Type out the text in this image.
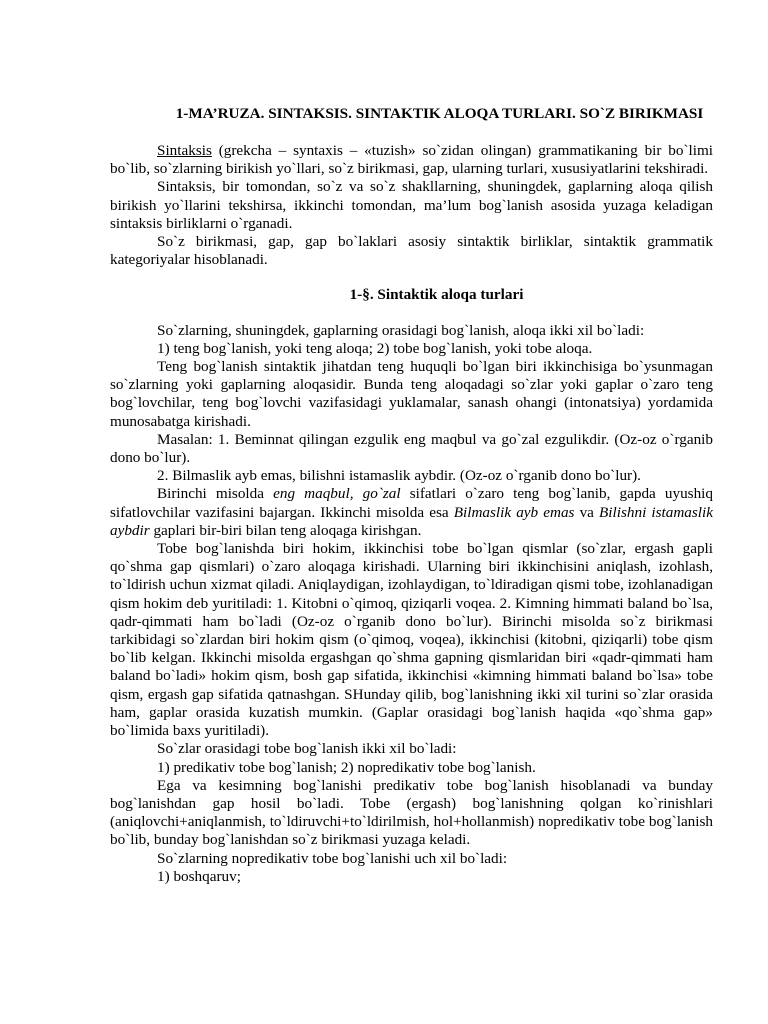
1-MA’RUZA. SINTAKSIS. SINTAKTIK ALOQA TURLARI. SO`Z BIRIKMASI

Sintaksis (grekcha – syntaxis – «tuzish» so`zidan olingan) grammatikaning bir bo`limi bo`lib, so`zlarning birikish yo`llari, so`z birikmasi, gap, ularning turlari, xususiyatlarini tekshiradi.

Sintaksis, bir tomondan, so`z va so`z shakllarning, shuningdek, gaplarning aloqa qilish birikish yo`llarini tekshirsa, ikkinchi tomondan, ma’lum bog`lanish asosida yuzaga keladigan sintaksis birliklarni o`rganadi.

So`z birikmasi, gap, gap bo`laklari asosiy sintaktik birliklar, sintaktik grammatik kategoriyalar hisoblanadi.

1-§. Sintaktik aloqa turlari

So`zlarning, shuningdek, gaplarning orasidagi bog`lanish, aloqa ikki xil bo`ladi:

1) teng bog`lanish, yoki teng aloqa; 2) tobe bog`lanish, yoki tobe aloqa.

Teng bog`lanish sintaktik jihatdan teng huquqli bo`lgan biri ikkinchisiga bo`ysunmagan so`zlarning yoki gaplarning aloqasidir. Bunda teng aloqadagi so`zlar yoki gaplar o`zaro teng bog`lovchilar, teng bog`lovchi vazifasidagi yuklamalar, sanash ohangi (intonatsiya) yordamida munosabatga kirishadi.

Masalan: 1. Beminnat qilingan ezgulik eng maqbul va go`zal ezgulikdir. (Oz-oz o`rganib dono bo`lur).

2. Bilmaslik ayb emas, bilishni istamaslik aybdir. (Oz-oz o`rganib dono bo`lur).

Birinchi misolda eng maqbul, go`zal sifatlari o`zaro teng bog`lanib, gapda uyushiq sifatlovchilar vazifasini bajargan. Ikkinchi misolda esa Bilmaslik ayb emas va Bilishni istamaslik aybdir gaplari bir-biri bilan teng aloqaga kirishgan.

Tobe bog`lanishda biri hokim, ikkinchisi tobe bo`lgan qismlar (so`zlar, ergash gapli qo`shma gap qismlari) o`zaro aloqaga kirishadi. Ularning biri ikkinchisini aniqlash, izohlash, to`ldirish uchun xizmat qiladi. Aniqlaydigan, izohlaydigan, to`ldiradigan qismi tobe, izohlanadigan qism hokim deb yuritiladi: 1. Kitobni o`qimoq, qiziqarli voqea. 2. Kimning himmati baland bo`lsa, qadr-qimmati ham bo`ladi (Oz-oz o`rganib dono bo`lur). Birinchi misolda so`z birikmasi tarkibidagi so`zlardan biri hokim qism (o`qimoq, voqea), ikkinchisi (kitobni, qiziqarli) tobe qism bo`lib kelgan. Ikkinchi misolda ergashgan qo`shma gapning qismlaridan biri «qadr-qimmati ham baland bo`ladi» hokim qism, bosh gap sifatida, ikkinchisi «kimning himmati baland bo`lsa» tobe qism, ergash gap sifatida qatnashgan. SHunday qilib, bog`lanishning ikki xil turini so`zlar orasida ham, gaplar orasida kuzatish mumkin. (Gaplar orasidagi bog`lanish haqida «qo`shma gap» bo`limida baxs yuritiladi).

So`zlar orasidagi tobe bog`lanish ikki xil bo`ladi:

1) predikativ tobe bog`lanish; 2) nopredikativ tobe bog`lanish.

Ega va kesimning bog`lanishi predikativ tobe bog`lanish hisoblanadi va bunday bog`lanishdan gap hosil bo`ladi. Tobe (ergash) bog`lanishning qolgan ko`rinishlari (aniqlovchi+aniqlanmish, to`ldiruvchi+to`ldirilmish, hol+hollanmish) nopredikativ tobe bog`lanish bo`lib, bunday bog`lanishdan so`z birikmasi yuzaga keladi.

So`zlarning nopredikativ tobe bog`lanishi uch xil bo`ladi:

1) boshqaruv;
